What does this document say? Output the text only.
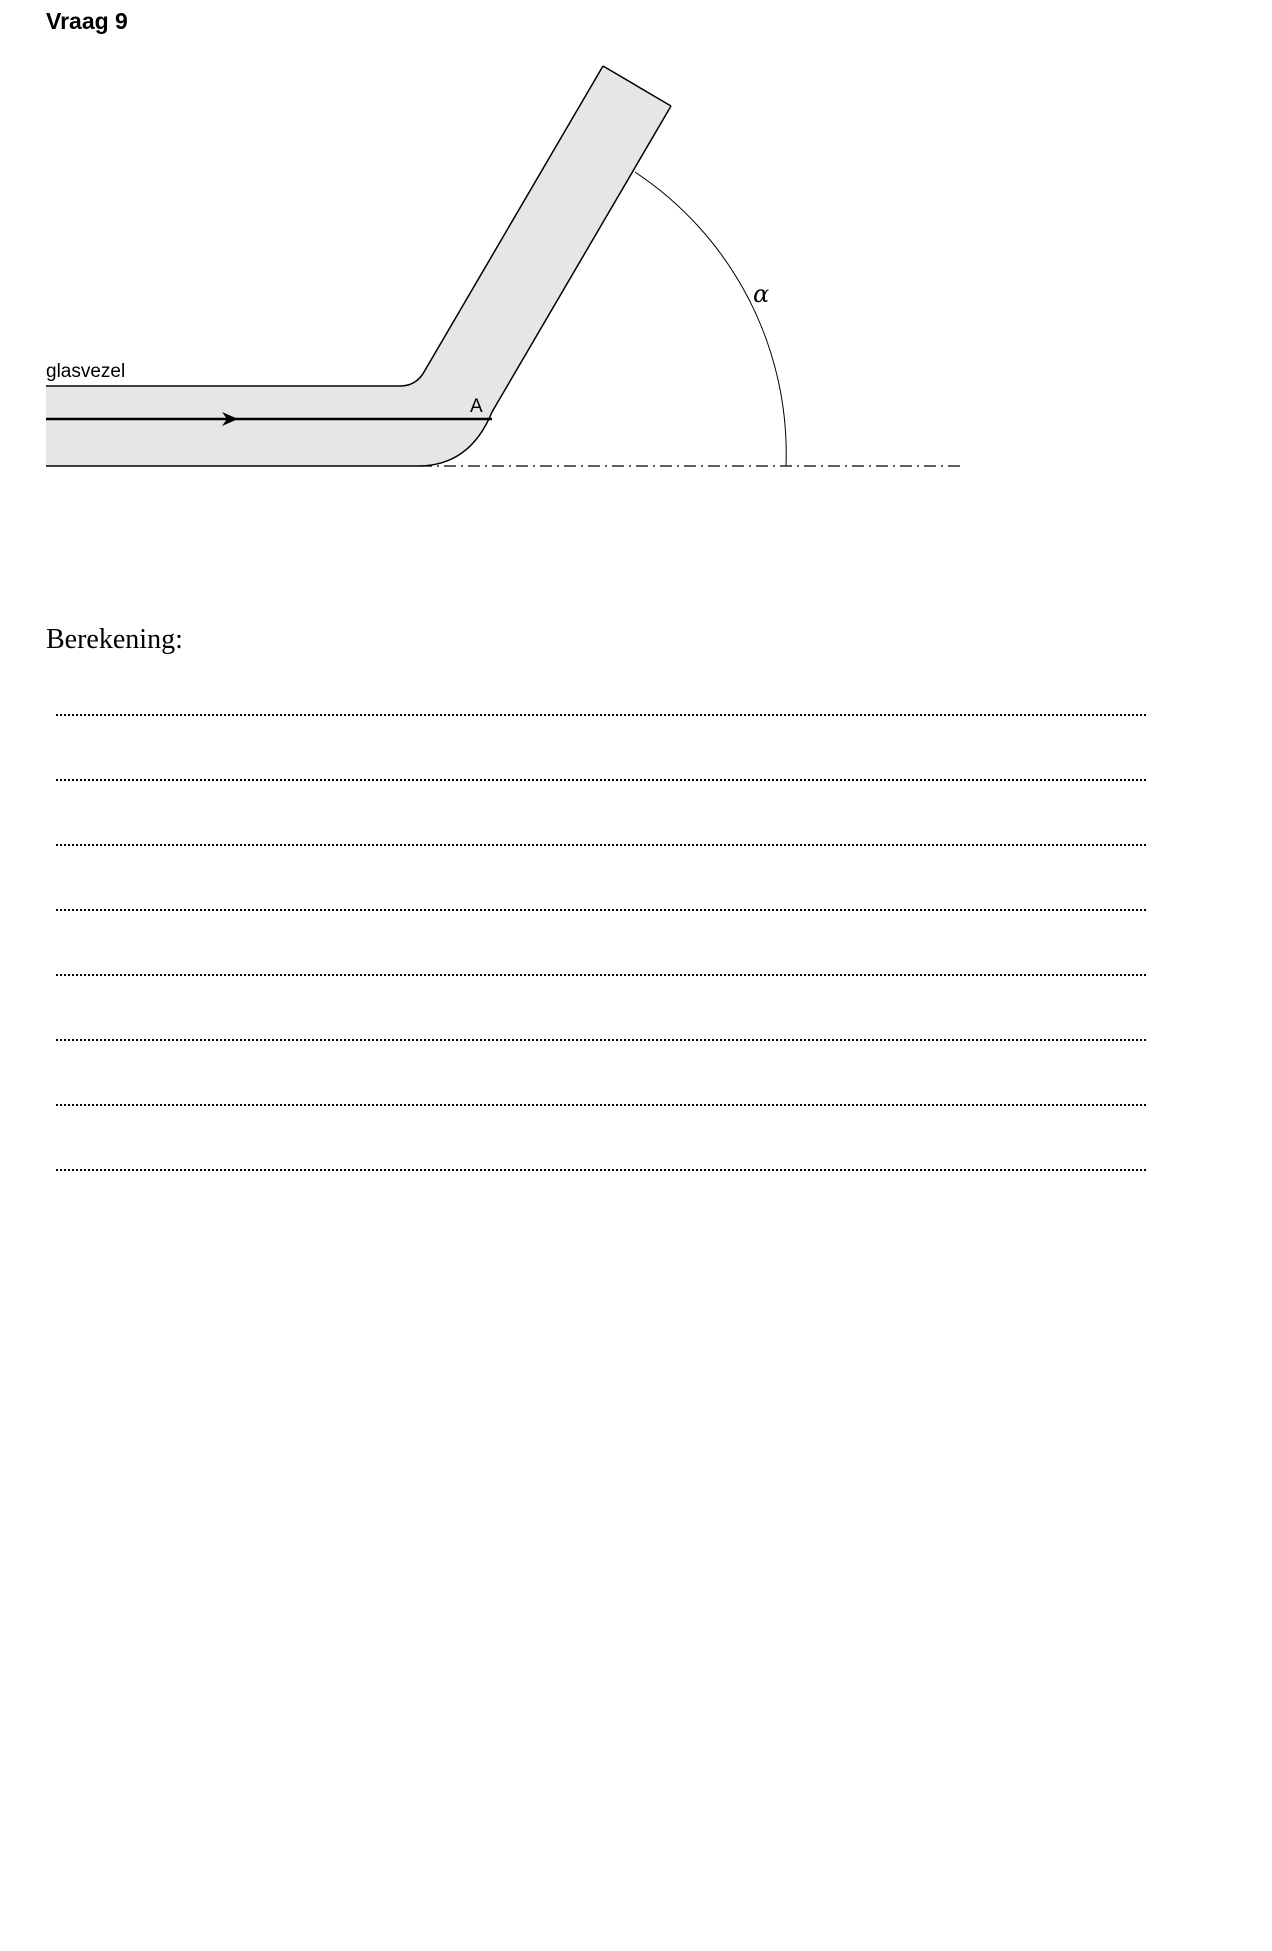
Vraag 9
glasvezel
A
α

Berekening:
